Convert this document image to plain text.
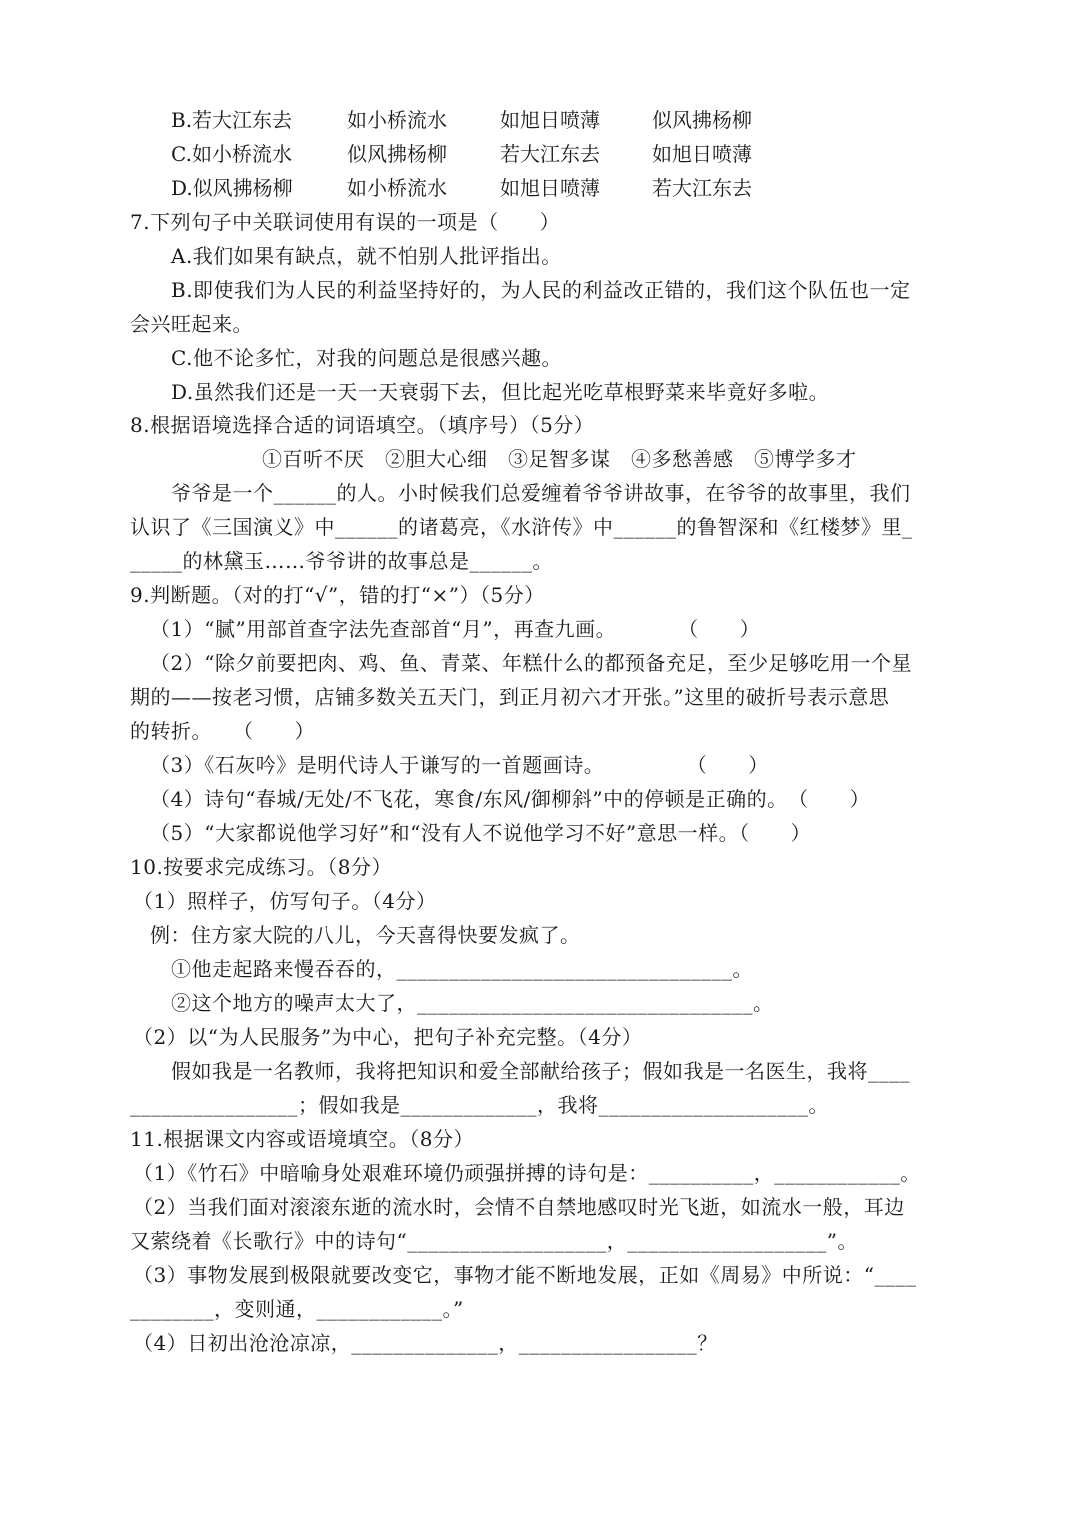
B.若大江东去	如小桥流水	如旭日喷薄	似风拂杨柳
C.如小桥流水	似风拂杨柳	若大江东去	如旭日喷薄
D.似风拂杨柳	如小桥流水	如旭日喷薄	若大江东去
7.下列句子中关联词使用有误的一项是（　　）
A.我们如果有缺点，就不怕别人批评指出。
B.即使我们为人民的利益坚持好的，为人民的利益改正错的，我们这个队伍也一定
会兴旺起来。
C.他不论多忙，对我的问题总是很感兴趣。
D.虽然我们还是一天一天衰弱下去，但比起光吃草根野菜来毕竟好多啦。
8.根据语境选择合适的词语填空。（填序号）（5分）
①百听不厌　②胆大心细　③足智多谋　④多愁善感　⑤博学多才
爷爷是一个______的人。小时候我们总爱缠着爷爷讲故事，在爷爷的故事里，我们
认识了《三国演义》中______的诸葛亮，《水浒传》中______的鲁智深和《红楼梦》里_
_____的林黛玉……爷爷讲的故事总是______。
9.判断题。（对的打“√”，错的打“×”）（5分）
（1）“腻”用部首查字法先查部首“月”，再查九画。　　　　（　　）
（2）“除夕前要把肉、鸡、鱼、青菜、年糕什么的都预备充足，至少足够吃用一个星
期的——按老习惯，店铺多数关五天门，到正月初六才开张。”这里的破折号表示意思
的转折。　　（　　）
（3）《石灰吟》是明代诗人于谦写的一首题画诗。　　　　　（　　）
（4）诗句“春城/无处/不飞花，寒食/东风/御柳斜”中的停顿是正确的。　（　　）
（5）“大家都说他学习好”和“没有人不说他学习不好”意思一样。（　　）
10.按要求完成练习。（8分）
（1）照样子，仿写句子。（4分）
例：住方家大院的八儿，今天喜得快要发疯了。
①他走起路来慢吞吞的，________________________________。
②这个地方的噪声太大了，________________________________。
（2）以“为人民服务”为中心，把句子补充完整。（4分）
假如我是一名教师，我将把知识和爱全部献给孩子；假如我是一名医生，我将____
________________；假如我是_____________，我将____________________。
11.根据课文内容或语境填空。（8分）
（1）《竹石》中暗喻身处艰难环境仍顽强拼搏的诗句是：__________，____________。
（2）当我们面对滚滚东逝的流水时，会情不自禁地感叹时光飞逝，如流水一般，耳边
又萦绕着《长歌行》中的诗句“___________________，___________________”。
（3）事物发展到极限就要改变它，事物才能不断地发展，正如《周易》中所说：“____
________，变则通，____________。”
（4）日初出沧沧凉凉，______________，_________________？
